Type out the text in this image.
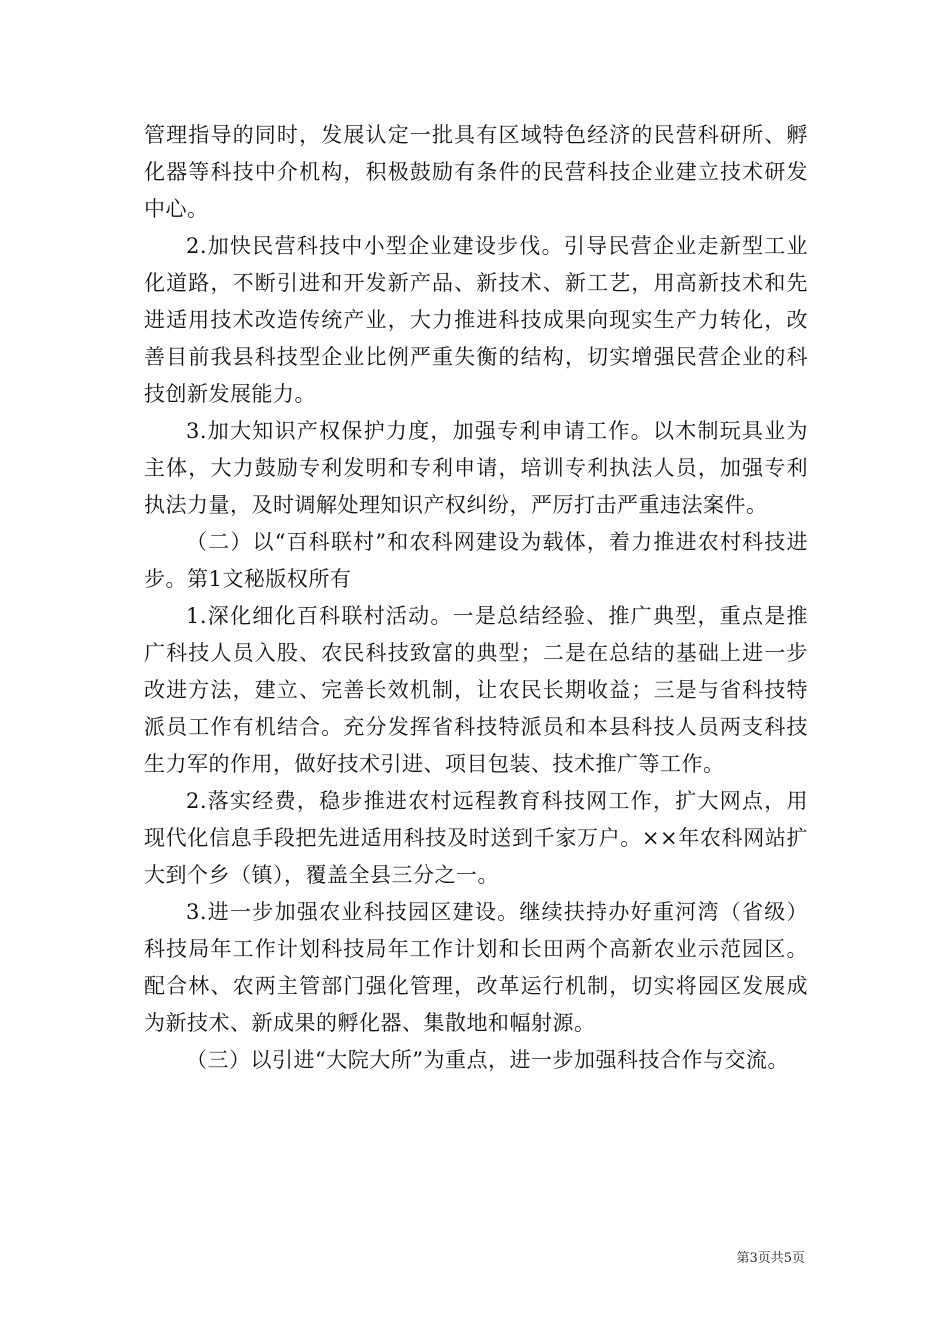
管理指导的同时，发展认定一批具有区域特色经济的民营科研所、孵化器等科技中介机构，积极鼓励有条件的民营科技企业建立技术研发中心。

2.加快民营科技中小型企业建设步伐。引导民营企业走新型工业化道路，不断引进和开发新产品、新技术、新工艺，用高新技术和先进适用技术改造传统产业，大力推进科技成果向现实生产力转化，改善目前我县科技型企业比例严重失衡的结构，切实增强民营企业的科技创新发展能力。

3.加大知识产权保护力度，加强专利申请工作。以木制玩具业为主体，大力鼓励专利发明和专利申请，培训专利执法人员，加强专利执法力量，及时调解处理知识产权纠纷，严厉打击严重违法案件。

（二）以“百科联村”和农科网建设为载体，着力推进农村科技进步。第1文秘版权所有

1.深化细化百科联村活动。一是总结经验、推广典型，重点是推广科技人员入股、农民科技致富的典型；二是在总结的基础上进一步改进方法，建立、完善长效机制，让农民长期收益；三是与省科技特派员工作有机结合。充分发挥省科技特派员和本县科技人员两支科技生力军的作用，做好技术引进、项目包装、技术推广等工作。

2.落实经费，稳步推进农村远程教育科技网工作，扩大网点，用现代化信息手段把先进适用科技及时送到千家万户。××年农科网站扩大到个乡（镇），覆盖全县三分之一。

3.进一步加强农业科技园区建设。继续扶持办好重河湾（省级）科技局年工作计划科技局年工作计划和长田两个高新农业示范园区。配合林、农两主管部门强化管理，改革运行机制，切实将园区发展成为新技术、新成果的孵化器、集散地和幅射源。

（三）以引进“大院大所”为重点，进一步加强科技合作与交流。

第3页共5页
